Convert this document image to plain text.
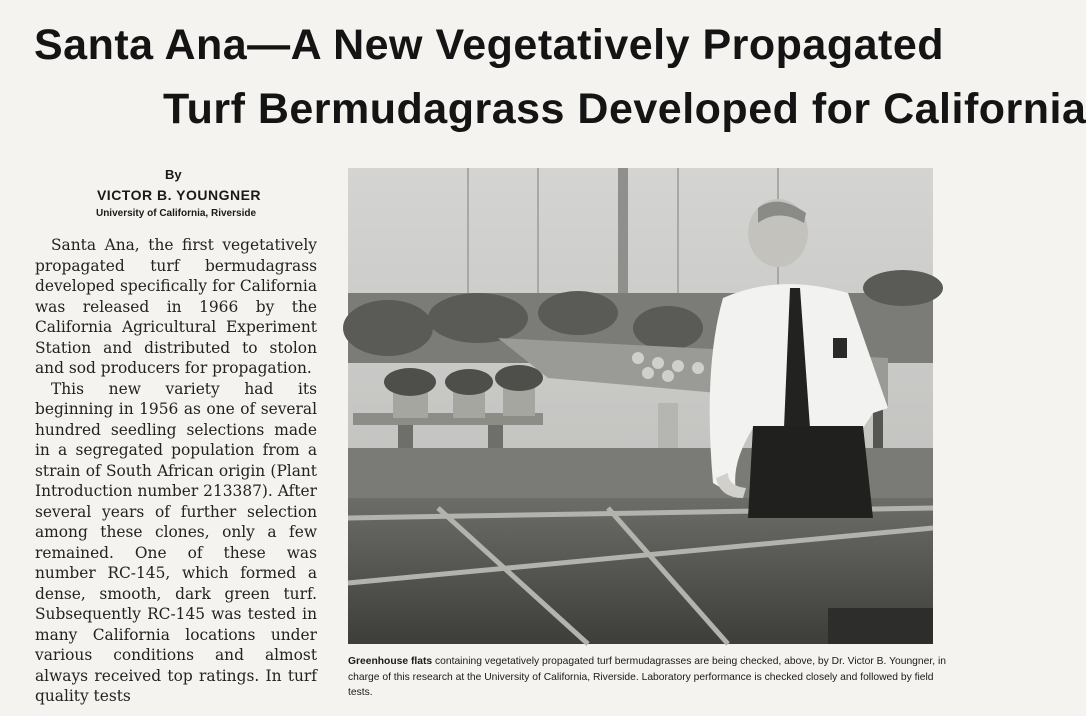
Santa Ana—A New Vegetatively Propagated
Turf Bermudagrass Developed for California
By
VICTOR B. YOUNGNER
University of California, Riverside

Santa Ana, the first vegetatively propagated turf bermudagrass developed specifically for California was released in 1966 by the California Agricultural Experiment Station and distributed to stolon and sod producers for propagation.

This new variety had its beginning in 1956 as one of several hundred seedling selections made in a segregated population from a strain of South African origin (Plant Introduction number 213387). After several years of further selection among these clones, only a few remained. One of these was number RC-145, which formed a dense, smooth, dark green turf. Subsequently RC-145 was tested in many California locations under various conditions and almost always received top ratings. In turf quality tests

Greenhouse flats containing vegetatively propagated turf bermudagrasses are being checked, above, by Dr. Victor B. Youngner, in charge of this research at the University of California, Riverside. Laboratory performance is checked closely and followed by field tests.
